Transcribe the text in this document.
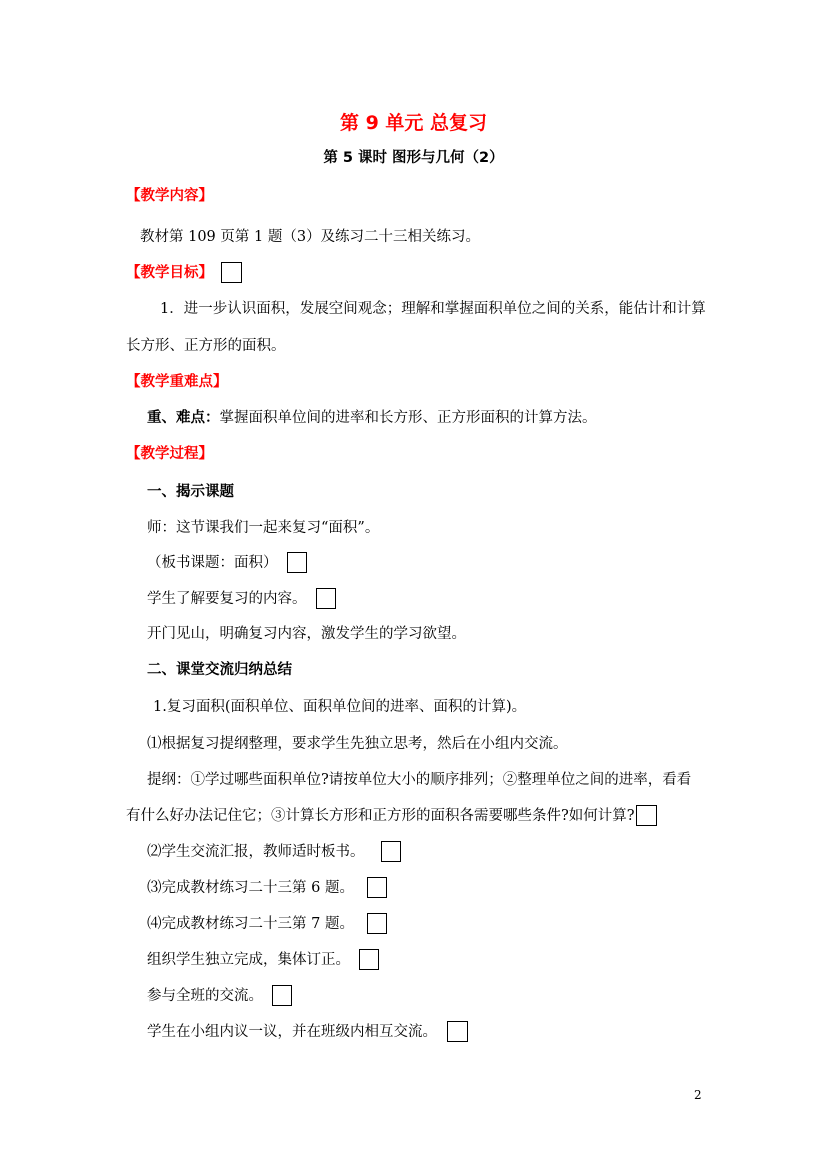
第 9 单元 总复习
第 5 课时 图形与几何（2）
【教学内容】
教材第 109 页第 1 题（3）及练习二十三相关练习。
【教学目标】
1．进一步认识面积，发展空间观念；理解和掌握面积单位之间的关系，能估计和计算
长方形、正方形的面积。
【教学重难点】
重、难点：掌握面积单位间的进率和长方形、正方形面积的计算方法。
【教学过程】
一、揭示课题
师：这节课我们一起来复习“面积”。
（板书课题：面积）
学生了解要复习的内容。
开门见山，明确复习内容，激发学生的学习欲望。
二、课堂交流归纳总结
1.复习面积(面积单位、面积单位间的进率、面积的计算)。
⑴根据复习提纲整理，要求学生先独立思考，然后在小组内交流。
提纲：①学过哪些面积单位?请按单位大小的顺序排列；②整理单位之间的进率，看看
有什么好办法记住它；③计算长方形和正方形的面积各需要哪些条件?如何计算?
⑵学生交流汇报，教师适时板书。
⑶完成教材练习二十三第 6 题。
⑷完成教材练习二十三第 7 题。
组织学生独立完成，集体订正。
参与全班的交流。
学生在小组内议一议，并在班级内相互交流。
2
